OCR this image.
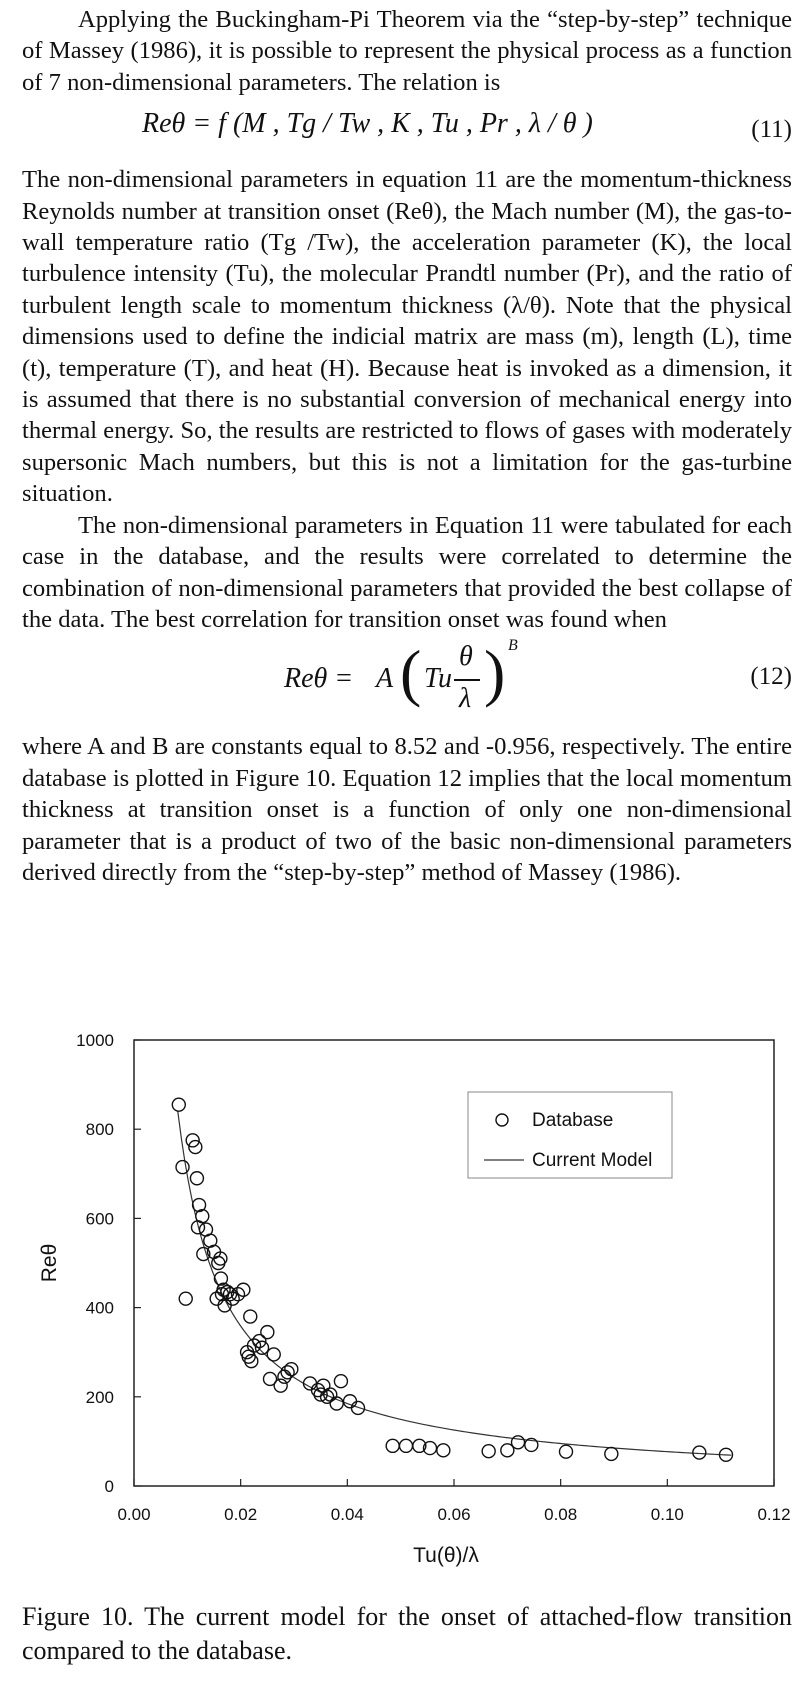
Applying the Buckingham-Pi Theorem via the “step-by-step” technique of Massey (1986), it is possible to represent the physical process as a function of 7 non-dimensional parameters. The relation is

Reθ = f (M , Tg / Tw , K , Tu , Pr , λ / θ )	(11)

The non-dimensional parameters in equation 11 are the momentum-thickness Reynolds number at transition onset (Reθ), the Mach number (M), the gas-to-wall temperature ratio (Tg /Tw), the acceleration parameter (K), the local turbulence intensity (Tu), the molecular Prandtl number (Pr), and the ratio of turbulent length scale to momentum thickness (λ/θ). Note that the physical dimensions used to define the indicial matrix are mass (m), length (L), time (t), temperature (T), and heat (H). Because heat is invoked as a dimension, it is assumed that there is no substantial conversion of mechanical energy into thermal energy. So, the results are restricted to flows of gases with moderately supersonic Mach numbers, but this is not a limitation for the gas-turbine situation.

The non-dimensional parameters in Equation 11 were tabulated for each case in the database, and the results were correlated to determine the combination of non-dimensional parameters that provided the best collapse of the data. The best correlation for transition onset was found when

Reθ = A ( Tu
θ
λ ) B
(12)

where A and B are constants equal to 8.52 and -0.956, respectively. The entire database is plotted in Figure 10. Equation 12 implies that the local momentum thickness at transition onset is a function of only one non-dimensional parameter that is a product of two of the basic non-dimensional parameters derived directly from the “step-by-step” method of Massey (1986).

0
200
400
600
800
1000
0.00	0.02	0.04	0.06	0.08	0.10	0.12
Database
Current Model
Tu(θ)/λ
Reθ
Figure 10. The current model for the onset of attached-flow transition compared to the database.
